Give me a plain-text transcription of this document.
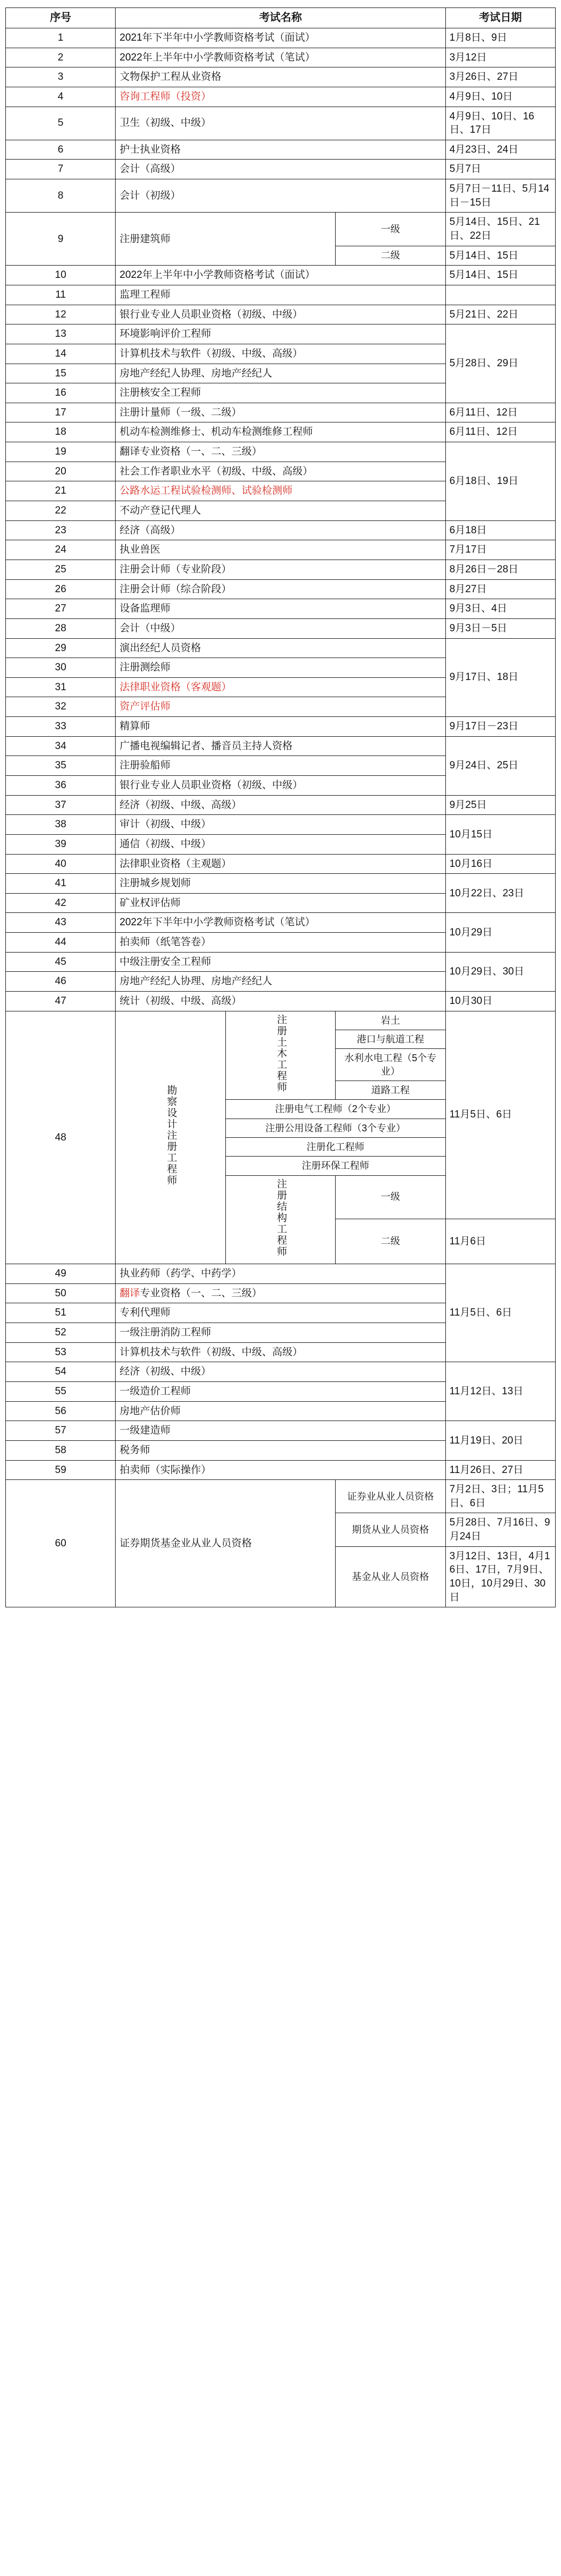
序号	考试名称			考试日期
1	2021年下半年中小学教师资格考试（面试）			1月8日、9日
2	2022年上半年中小学教师资格考试（笔试）			3月12日
3	文物保护工程从业资格			3月26日、27日
4	咨询工程师（投资）			4月9日、10日
5	卫生（初级、中级）			4月9日、10日、16日、17日
6	护士执业资格			4月23日、24日
7	会计（高级）			5月7日
8	会计（初级）			5月7日－11日、5月14日－15日
9	注册建筑师		一级	5月14日、15日、21日、22日
			二级	5月14日、15日
10	2022年上半年中小学教师资格考试（面试）			5月14日、15日
11	监理工程师			
12	银行业专业人员职业资格（初级、中级）			5月21日、22日
13	环境影响评价工程师			5月28日、29日
14	计算机技术与软件（初级、中级、高级）			
15	房地产经纪人协理、房地产经纪人			
16	注册核安全工程师			
17	注册计量师（一级、二级）			6月11日、12日
18	机动车检测维修士、机动车检测维修工程师			6月11日、12日
19	翻译专业资格（一、二、三级）			6月18日、19日
20	社会工作者职业水平（初级、中级、高级）			
21	公路水运工程试验检测师、试验检测师			
22	不动产登记代理人			
23	经济（高级）			6月18日
24	执业兽医			7月17日
25	注册会计师（专业阶段）			8月26日－28日
26	注册会计师（综合阶段）			8月27日
27	设备监理师			9月3日、4日
28	会计（中级）			9月3日－5日
29	演出经纪人员资格			9月17日、18日
30	注册测绘师			
31	法律职业资格（客观题）			
32	资产评估师			
33	精算师			9月17日－23日
34	广播电视编辑记者、播音员主持人资格			9月24日、25日
35	注册验船师			
36	银行业专业人员职业资格（初级、中级）			
37	经济（初级、中级、高级）			9月25日
38	审计（初级、中级）			10月15日
39	通信（初级、中级）			
40	法律职业资格（主观题）			10月16日
41	注册城乡规划师			10月22日、23日
42	矿业权评估师			
43	2022年下半年中小学教师资格考试（笔试）			10月29日
44	拍卖师（纸笔答卷）			
45	中级注册安全工程师			10月29日、30日
46	房地产经纪人协理、房地产经纪人			
47	统计（初级、中级、高级）			10月30日
48	勘察设计注册工程师	注册土木工程师	岩土	11月5日、6日
			港口与航道工程	
			水利水电工程（5个专业）	
			道路工程	
		注册电气工程师（2个专业）		
		注册公用设备工程师（3个专业）		
		注册化工程师		
		注册环保工程师		
		注册结构工程师	一级	
			二级	11月6日
49	执业药师（药学、中药学）			11月5日、6日
50	翻译专业资格（一、二、三级）			
51	专利代理师			
52	一级注册消防工程师			
53	计算机技术与软件（初级、中级、高级）			
54	经济（初级、中级）			11月12日、13日
55	一级造价工程师			
56	房地产估价师			
57	一级建造师			11月19日、20日
58	税务师			
59	拍卖师（实际操作）			11月26日、27日
60	证券期货基金业从业人员资格		证券业从业人员资格	7月2日、3日；11月5日、6日
			期货从业人员资格	5月28日、7月16日、9月24日
			基金从业人员资格	3月12日、13日，4月16日、17日，7月9日、10日，10月29日、30日
